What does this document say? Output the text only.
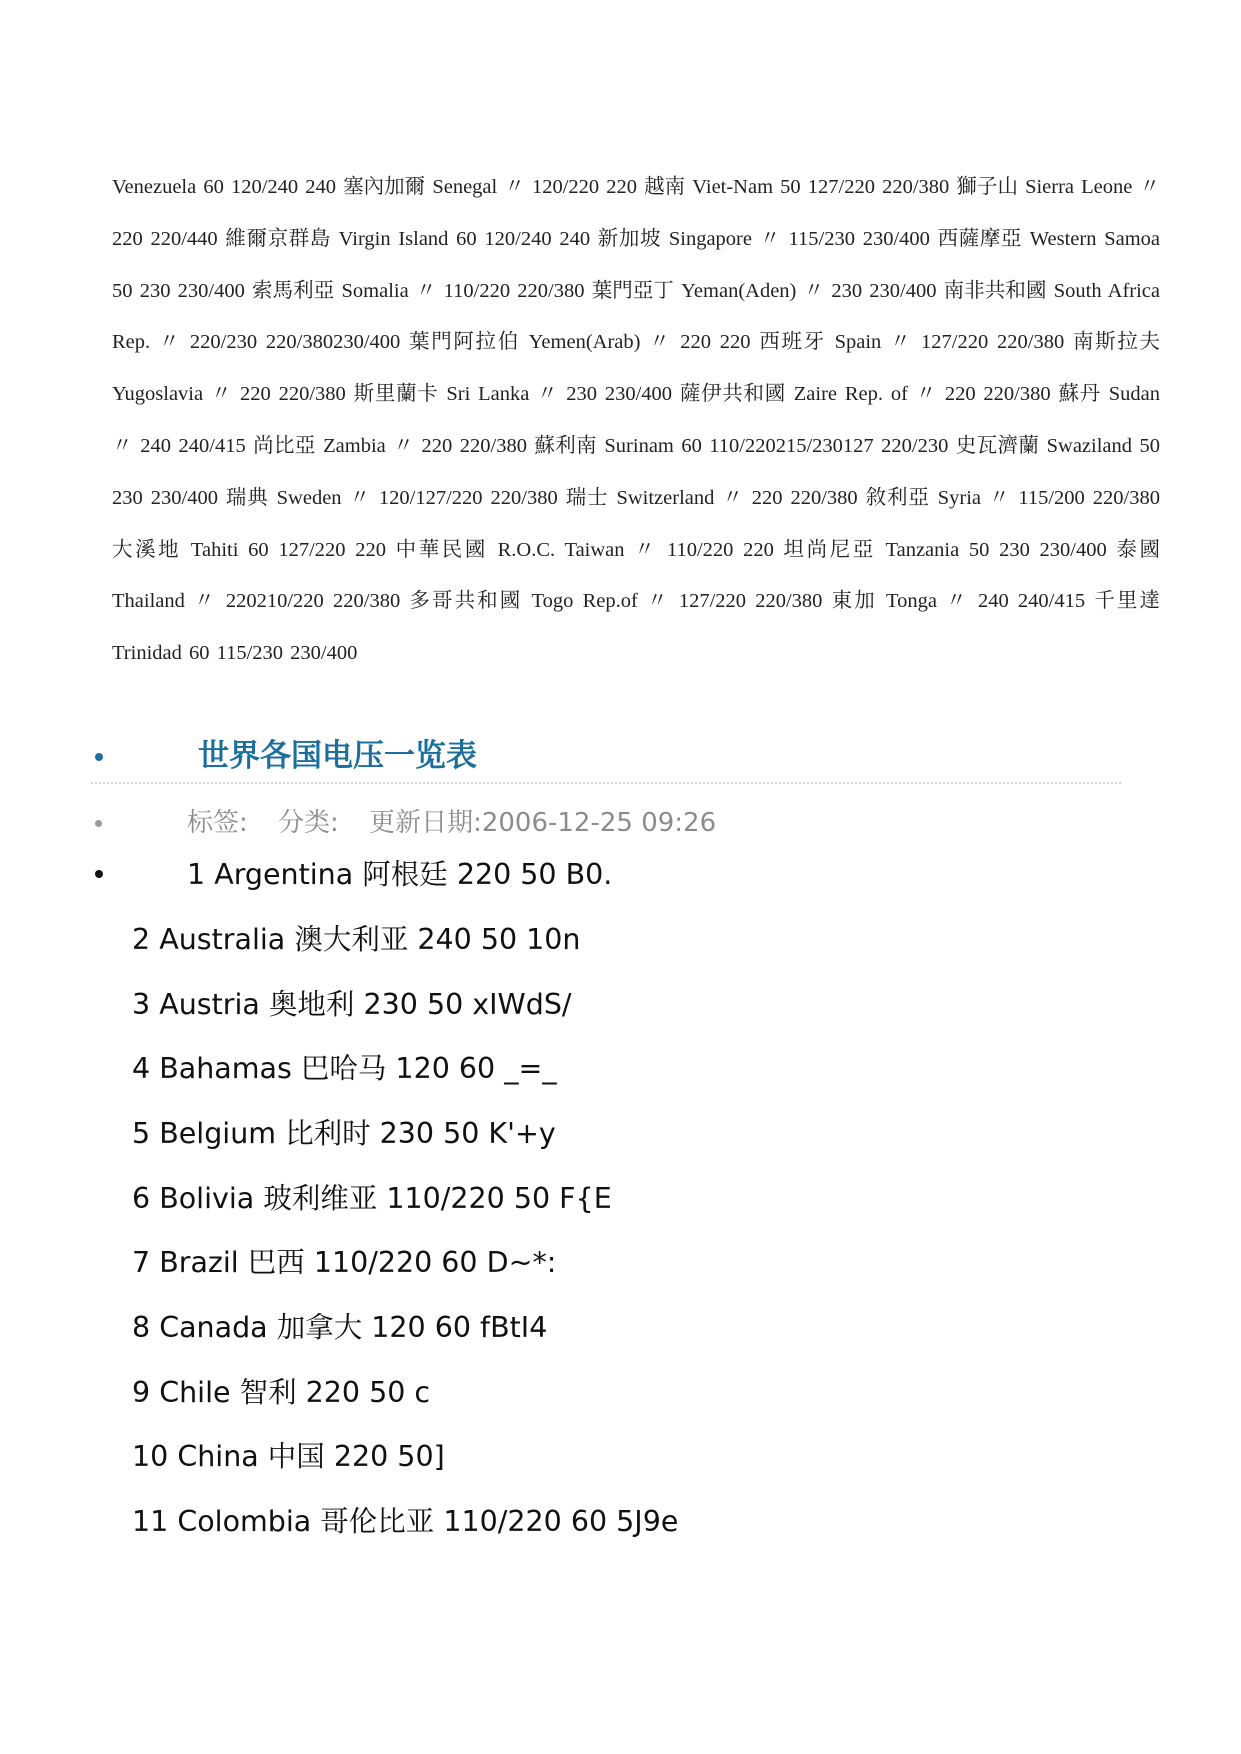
Venezuela 60 120/240 240 塞內加爾 Senegal 〃 120/220 220 越南 Viet-Nam 50 127/220 220/380 獅子山 Sierra Leone 〃 220 220/440 維爾京群島 Virgin Island 60 120/240 240 新加坡 Singapore 〃 115/230 230/400 西薩摩亞 Western Samoa 50 230 230/400 索馬利亞 Somalia 〃 110/220 220/380 葉門亞丁 Yeman(Aden) 〃 230 230/400 南非共和國 South Africa Rep. 〃 220/230 220/380230/400 葉門阿拉伯 Yemen(Arab) 〃 220 220 西班牙 Spain 〃 127/220 220/380 南斯拉夫 Yugoslavia 〃 220 220/380 斯里蘭卡 Sri Lanka 〃 230 230/400 薩伊共和國 Zaire Rep. of 〃 220 220/380 蘇丹 Sudan 〃 240 240/415 尚比亞 Zambia 〃 220 220/380 蘇利南 Surinam 60 110/220215/230127 220/230 史瓦濟蘭 Swaziland 50 230 230/400 瑞典 Sweden 〃 120/127/220 220/380 瑞士 Switzerland 〃 220 220/380 敘利亞 Syria 〃 115/200 220/380 大溪地 Tahiti 60 127/220 220 中華民國 R.O.C. Taiwan 〃 110/220 220 坦尚尼亞 Tanzania 50 230 230/400 泰國 Thailand 〃 220210/220 220/380 多哥共和國 Togo Rep.of 〃 127/220 220/380 東加 Tonga 〃 240 240/415 千里達 Trinidad 60 115/230 230/400
世界各国电压一览表
标签: 分类: 更新日期:2006-12-25 09:26
1 Argentina 阿根廷 220 50 B0.
2 Australia 澳大利亚 240 50 10n
3 Austria 奥地利 230 50 xIWdS/
4 Bahamas 巴哈马 120 60 _=_
5 Belgium 比利时 230 50 K'+y
6 Bolivia 玻利维亚 110/220 50 F{E
7 Brazil 巴西 110/220 60 D~*:
8 Canada 加拿大 120 60 fBtI4
9 Chile 智利 220 50 c
10 China 中国 220 50]
11 Colombia 哥伦比亚 110/220 60 5J9e
